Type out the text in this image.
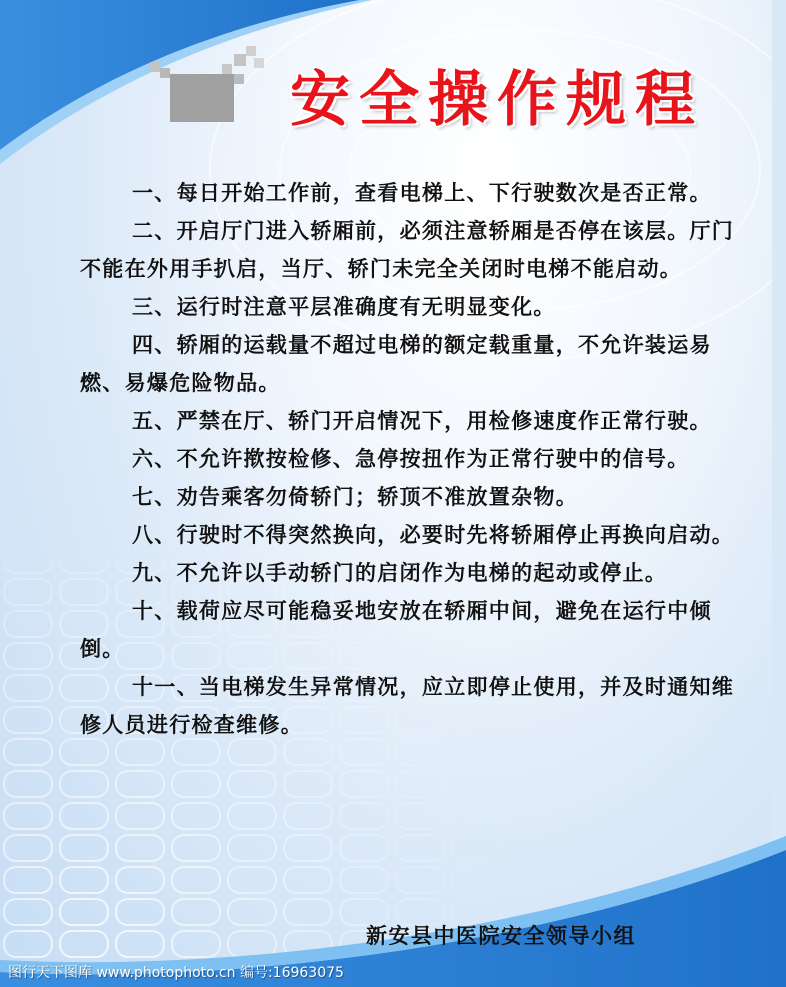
安全操作规程
一、每日开始工作前，查看电梯上、下行驶数次是否正常。
二、开启厅门进入轿厢前，必须注意轿厢是否停在该层。厅门不能在外用手扒启，当厅、轿门未完全关闭时电梯不能启动。
三、运行时注意平层准确度有无明显变化。
四、轿厢的运载量不超过电梯的额定载重量，不允许装运易燃、易爆危险物品。
五、严禁在厅、轿门开启情况下，用检修速度作正常行驶。
六、不允许揿按检修、急停按扭作为正常行驶中的信号。
七、劝告乘客勿倚轿门；轿顶不准放置杂物。
八、行驶时不得突然换向，必要时先将轿厢停止再换向启动。
九、不允许以手动轿门的启闭作为电梯的起动或停止。
十、载荷应尽可能稳妥地安放在轿厢中间，避免在运行中倾倒。
十一、当电梯发生异常情况，应立即停止使用，并及时通知维修人员进行检查维修。

新安县中医院安全领导小组

图行天下图库 www.photophoto.cn 编号:16963075
